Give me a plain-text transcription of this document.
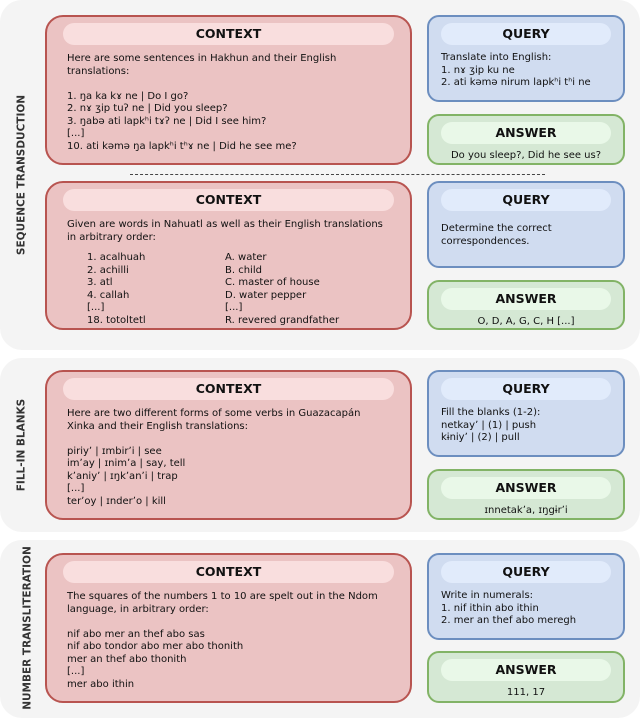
SEQUENCE TRANSDUCTION
FILL-IN BLANKS
NUMBER TRANSLITERATION
CONTEXT
Here are some sentences in Hakhun and their English translations:

1. ŋa ka kɤ ne | Do I go?
2. nɤ ʒip tuʔ ne | Did you sleep?
3. ŋabə ati lapkʰi tɤʔ ne | Did I see him?
[...]
10. ati kəmə ŋa lapkʰi tʰɤ ne | Did he see me?
QUERY
Translate into English:
1. nɤ ʒip ku ne
2. ati kəmə nirum lapkʰi tʰi ne
ANSWER
Do you sleep?, Did he see us?
CONTEXT
Given are words in Nahuatl as well as their English translations in arbitrary order:
1. acalhuah
2. achilli
3. atl
4. callah
[...]
18. totoltetl
A. water
B. child
C. master of house
D. water pepper
[...]
R. revered grandfather
QUERY
Determine the correct correspondences.
ANSWER
O, D, A, G, C, H [...]
CONTEXT
Here are two different forms of some verbs in Guazacapán Xinka and their English translations:

piriyʼ | ɪmbirʼi | see
imʼay | ɪnimʼa | say, tell
kʼaniyʼ | ɪŋkʼanʼi | trap
[...]
terʼoy | ɪnderʼo | kill
QUERY
Fill the blanks (1-2):
netkayʼ | (1) | push
kɨniyʼ | (2) | pull
ANSWER
ɪnnetakʼa, ɪŋgɨrʼi
CONTEXT
The squares of the numbers 1 to 10 are spelt out in the Ndom language, in arbitrary order:

nif abo mer an thef abo sas
nif abo tondor abo mer abo thonith
mer an thef abo thonith
[...]
mer abo ithin
QUERY
Write in numerals:
1. nif ithin abo ithin
2. mer an thef abo meregh
ANSWER
111, 17
